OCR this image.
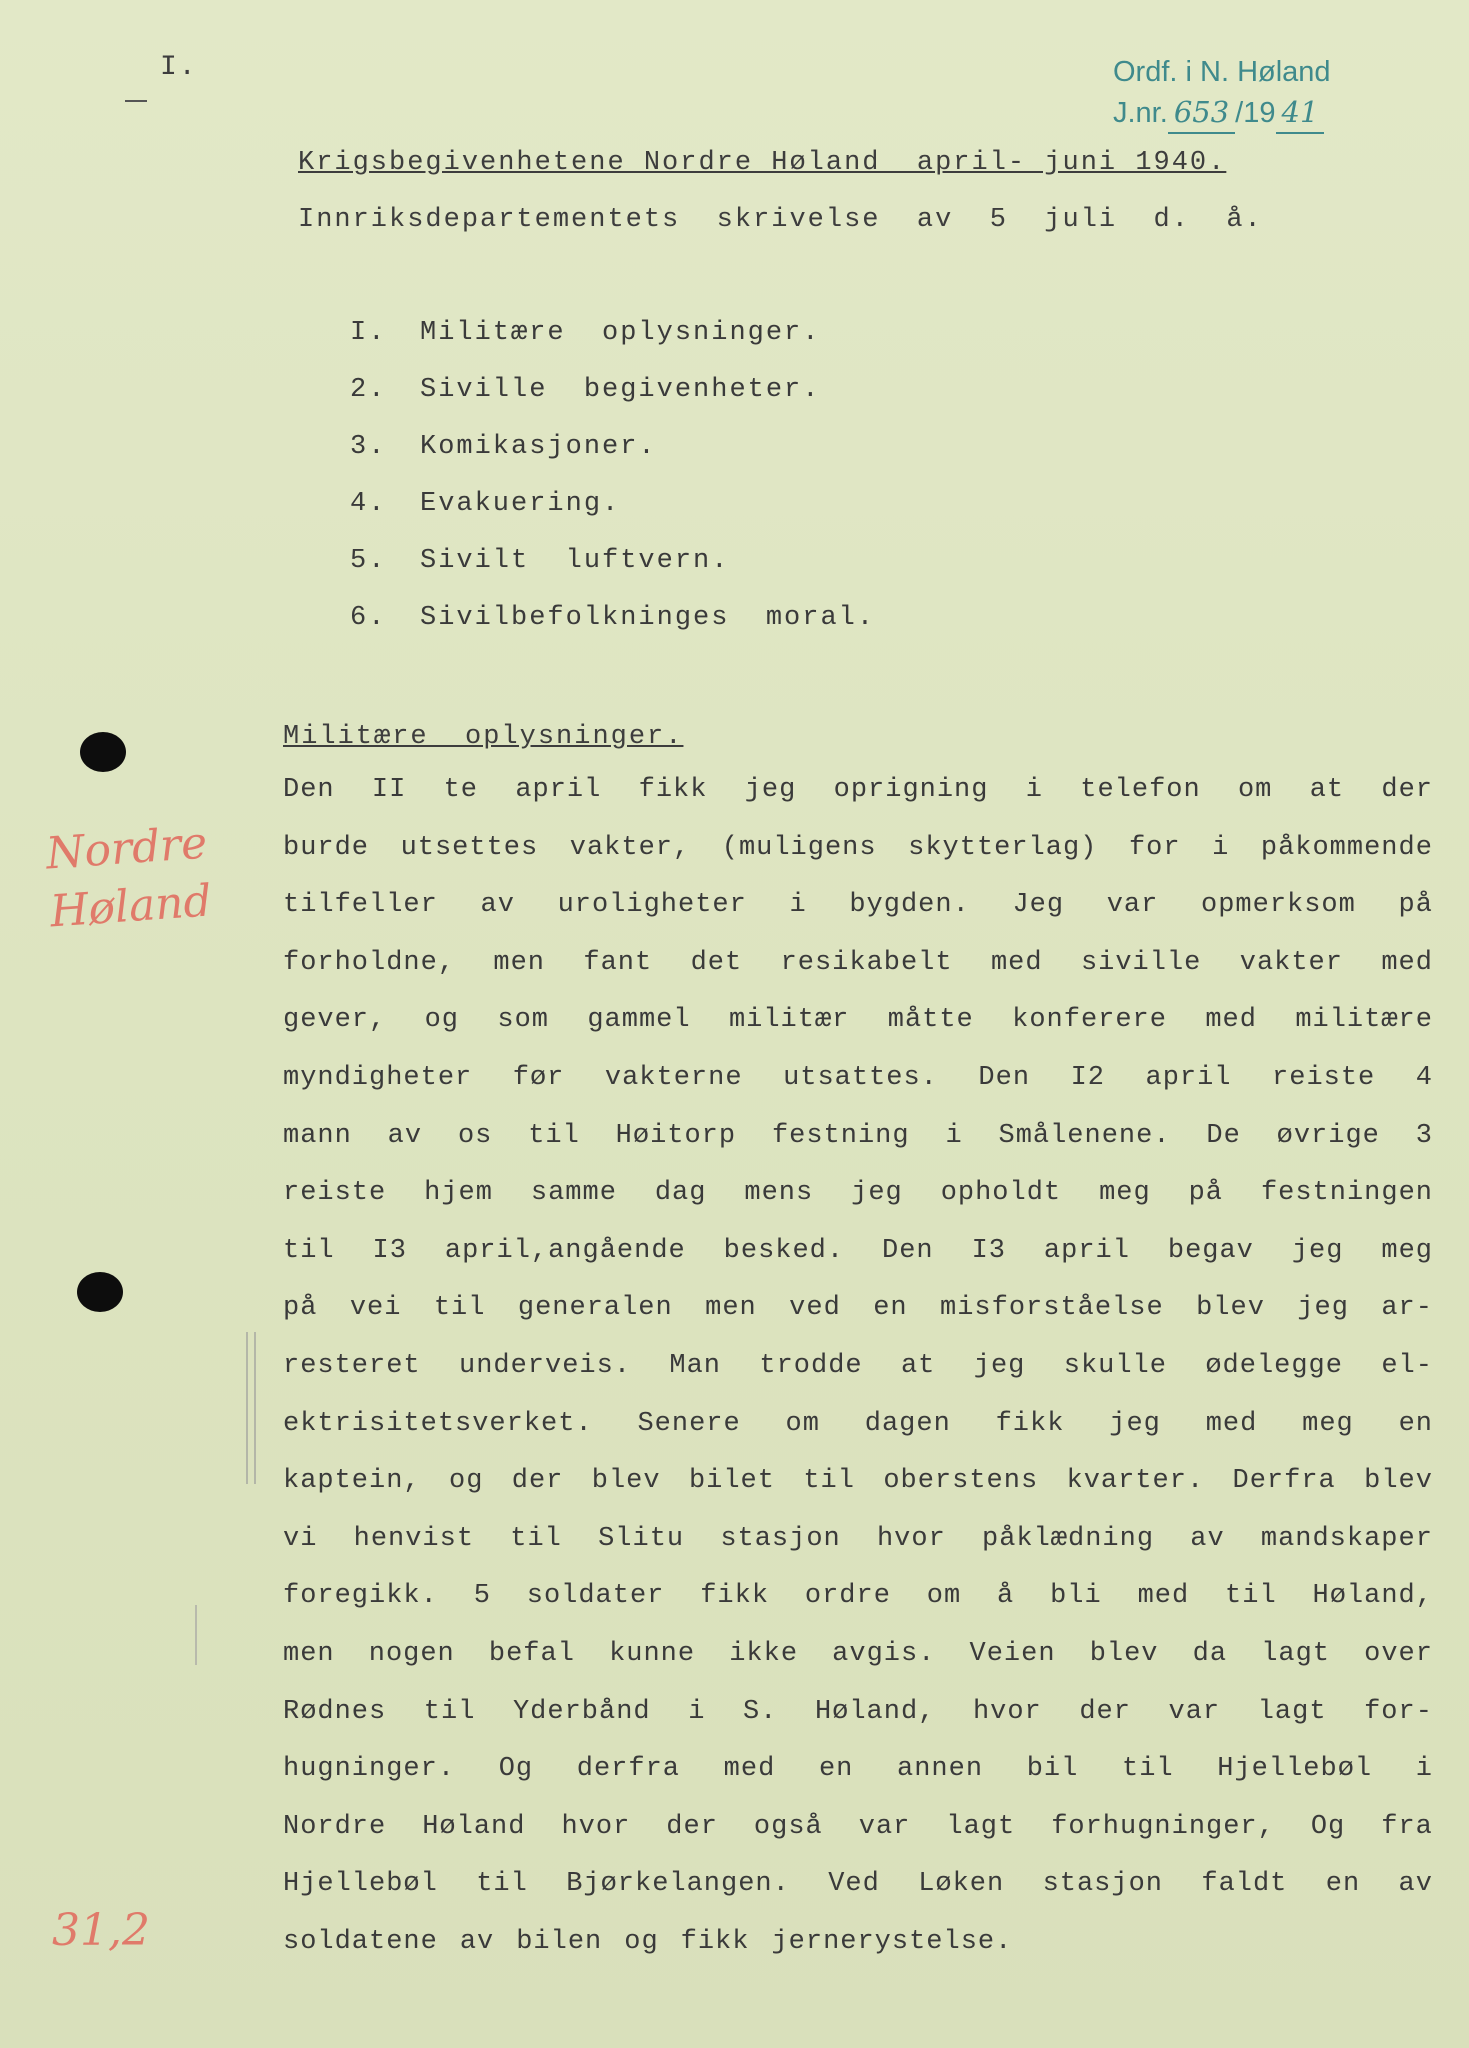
I.	Ordf. i N. Høland
J.nr. 653 /19 41
Krigsbegivenhetene Nordre Høland  april- juni 1940.
Innriksdepartementets  skrivelse  av  5  juli  d.  å.
I.	Militære  oplysninger.
2.	Siville  begivenheter.
3.	Komikasjoner.
4.	Evakuering.
5.	Sivilt  luftvern.
6.	Sivilbefolkninges  moral.
Militære  oplysninger.
Den II te april fikk jeg oprigning i telefon om at der
burde utsettes vakter, (muligens skytterlag) for i påkommende
tilfeller av uroligheter i bygden. Jeg var opmerksom på
forholdne, men fant det resikabelt med siville vakter med
gever, og som gammel militær måtte konferere med militære
myndigheter før vakterne utsattes. Den I2 april reiste 4
mann av os til Høitorp festning i Smålenene. De øvrige 3
reiste hjem samme dag mens jeg opholdt meg på festningen
til I3 april,angående besked. Den I3 april begav jeg meg
på vei til generalen men ved en misforståelse blev jeg ar-
resteret underveis. Man trodde at jeg skulle ødelegge el-
ektrisitetsverket. Senere om dagen fikk jeg med meg en
kaptein, og der blev bilet til oberstens kvarter. Derfra blev
vi henvist til Slitu stasjon hvor påklædning av mandskaper
foregikk. 5 soldater fikk ordre om å bli med til Høland,
men nogen befal kunne ikke avgis. Veien blev da lagt over
Rødnes til Yderbånd i S. Høland, hvor der var lagt for-
hugninger. Og derfra med en annen bil til Hjellebøl i
Nordre Høland hvor der også var lagt forhugninger, Og fra
Hjellebøl til Bjørkelangen. Ved Løken stasjon faldt en av
soldatene av bilen og fikk jernerystelse.
Nordre
Høland
31,2
